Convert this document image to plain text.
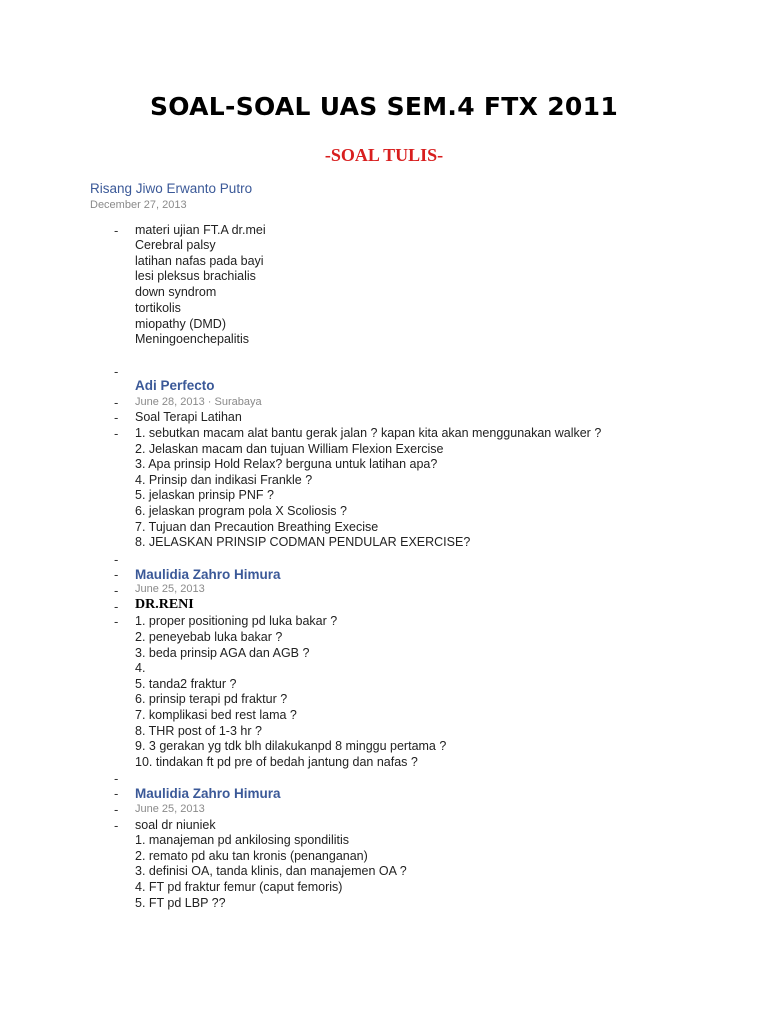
SOAL-SOAL UAS SEM.4 FTX 2011
-SOAL TULIS-
Risang Jiwo Erwanto Putro
December 27, 2013
- materi ujian FT.A dr.mei
Cerebral palsy
latihan nafas pada bayi
lesi pleksus brachialis
down syndrom
tortikolis
miopathy (DMD)
Meningoenchepalitis
-
Adi Perfecto
- June 28, 2013 · Surabaya
- Soal Terapi Latihan
- 1. sebutkan macam alat bantu gerak jalan ? kapan kita akan menggunakan walker ?
2. Jelaskan macam dan tujuan William Flexion Exercise
3. Apa prinsip Hold Relax? berguna untuk latihan apa?
4. Prinsip dan indikasi Frankle ?
5. jelaskan prinsip PNF ?
6. jelaskan program pola X Scoliosis ?
7. Tujuan dan Precaution Breathing Execise
8. JELASKAN PRINSIP CODMAN PENDULAR EXERCISE?
-
- Maulidia Zahro Himura
- June 25, 2013
- DR.RENI
- 1. proper positioning pd luka bakar ?
2. peneyebab luka bakar ?
3. beda prinsip AGA dan AGB ?
4.
5. tanda2 fraktur ?
6. prinsip terapi pd fraktur ?
7. komplikasi bed rest lama ?
8. THR post of 1-3 hr ?
9. 3 gerakan yg tdk blh dilakukanpd 8 minggu pertama ?
10. tindakan ft pd pre of bedah jantung dan nafas ?
-
- Maulidia Zahro Himura
- June 25, 2013
- soal dr niuniek
1. manajeman pd ankilosing spondilitis
2. remato pd aku tan kronis (penanganan)
3. definisi OA, tanda klinis, dan manajemen OA ?
4. FT pd fraktur femur (caput femoris)
5. FT pd LBP ??
